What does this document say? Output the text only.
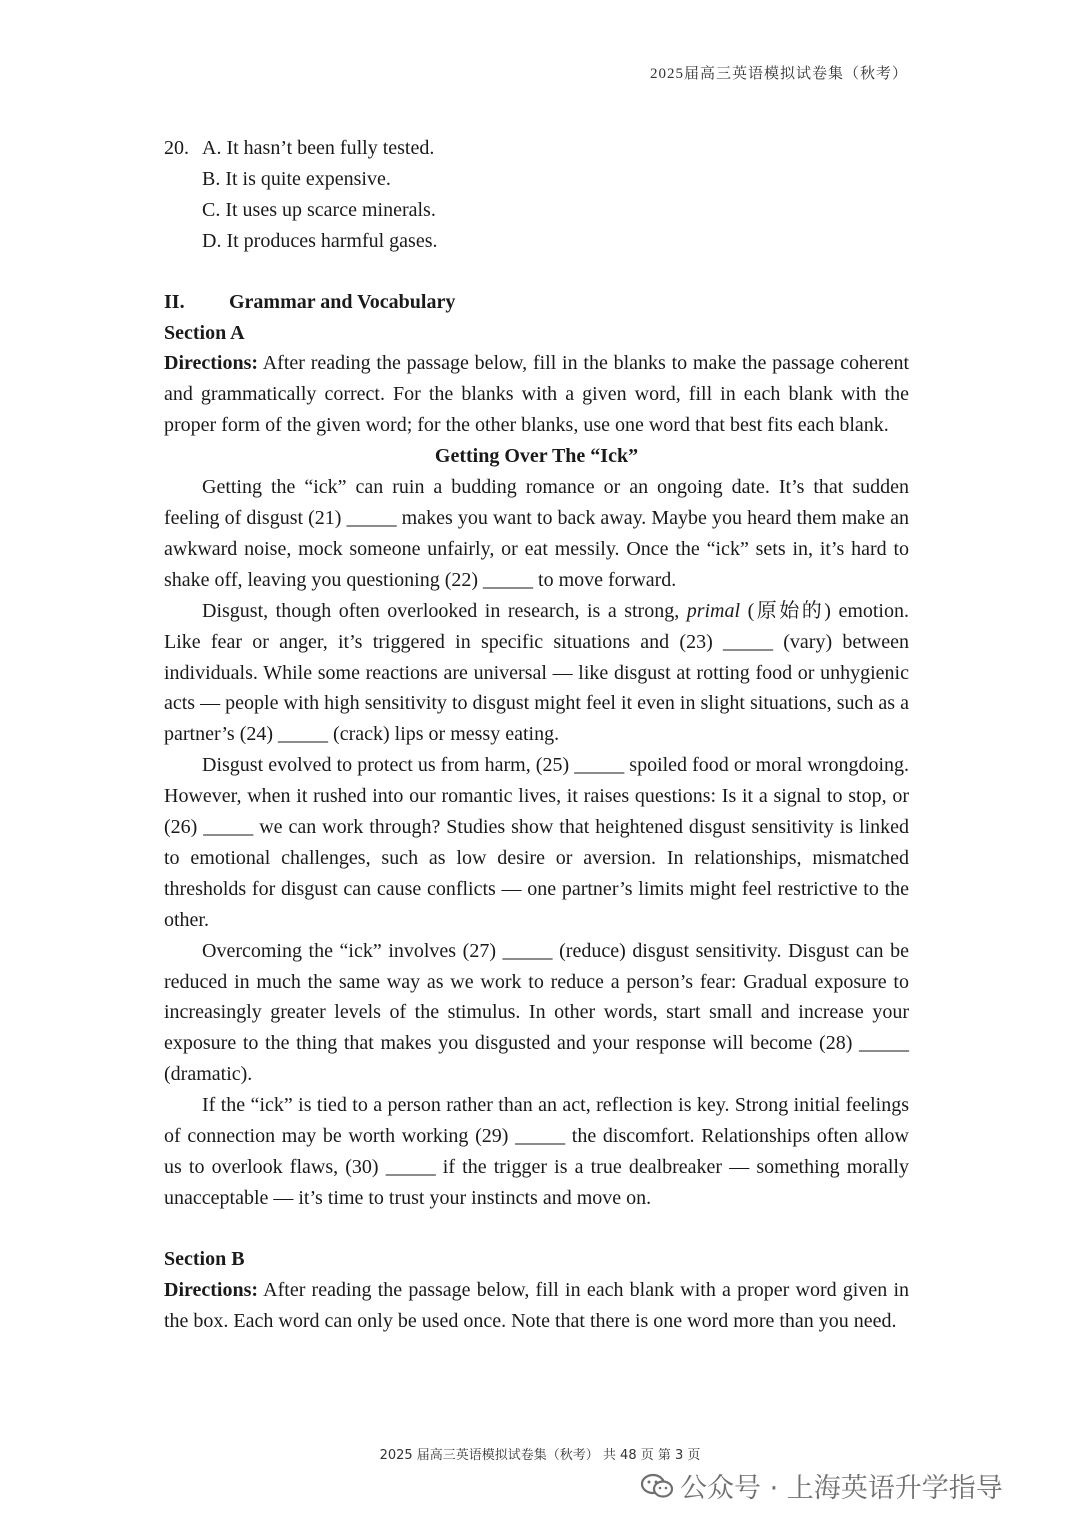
2025届高三英语模拟试卷集（秋考）
20. A. It hasn’t been fully tested.
B. It is quite expensive.
C. It uses up scarce minerals.
D. It produces harmful gases.
II.	Grammar and Vocabulary
Section A

Directions: After reading the passage below, fill in the blanks to make the passage coherent and grammatically correct. For the blanks with a given word, fill in each blank with the proper form of the given word; for the other blanks, use one word that best fits each blank.

Getting Over The “Ick”

Getting the “ick” can ruin a budding romance or an ongoing date. It’s that sudden feeling of disgust (21) _____ makes you want to back away. Maybe you heard them make an awkward noise, mock someone unfairly, or eat messily. Once the “ick” sets in, it’s hard to shake off, leaving you questioning (22) _____ to move forward.

Disgust, though often overlooked in research, is a strong, primal (原始的) emotion. Like fear or anger, it’s triggered in specific situations and (23) _____ (vary) between individuals. While some reactions are universal — like disgust at rotting food or unhygienic acts — people with high sensitivity to disgust might feel it even in slight situations, such as a partner’s (24) _____ (crack) lips or messy eating.

Disgust evolved to protect us from harm, (25) _____ spoiled food or moral wrongdoing. However, when it rushed into our romantic lives, it raises questions: Is it a signal to stop, or (26) _____ we can work through? Studies show that heightened disgust sensitivity is linked to emotional challenges, such as low desire or aversion. In relationships, mismatched thresholds for disgust can cause conflicts — one partner’s limits might feel restrictive to the other.

Overcoming the “ick” involves (27) _____ (reduce) disgust sensitivity. Disgust can be reduced in much the same way as we work to reduce a person’s fear: Gradual exposure to increasingly greater levels of the stimulus. In other words, start small and increase your exposure to the thing that makes you disgusted and your response will become (28) _____ (dramatic).

If the “ick” is tied to a person rather than an act, reflection is key. Strong initial feelings of connection may be worth working (29) _____ the discomfort. Relationships often allow us to overlook flaws, (30) _____ if the trigger is a true dealbreaker — something morally unacceptable — it’s time to trust your instincts and move on.

Section B

Directions: After reading the passage below, fill in each blank with a proper word given in the box. Each word can only be used once. Note that there is one word more than you need.

2025 届高三英语模拟试卷集（秋考） 共 48 页 第 3 页
公众号 · 上海英语升学指导
